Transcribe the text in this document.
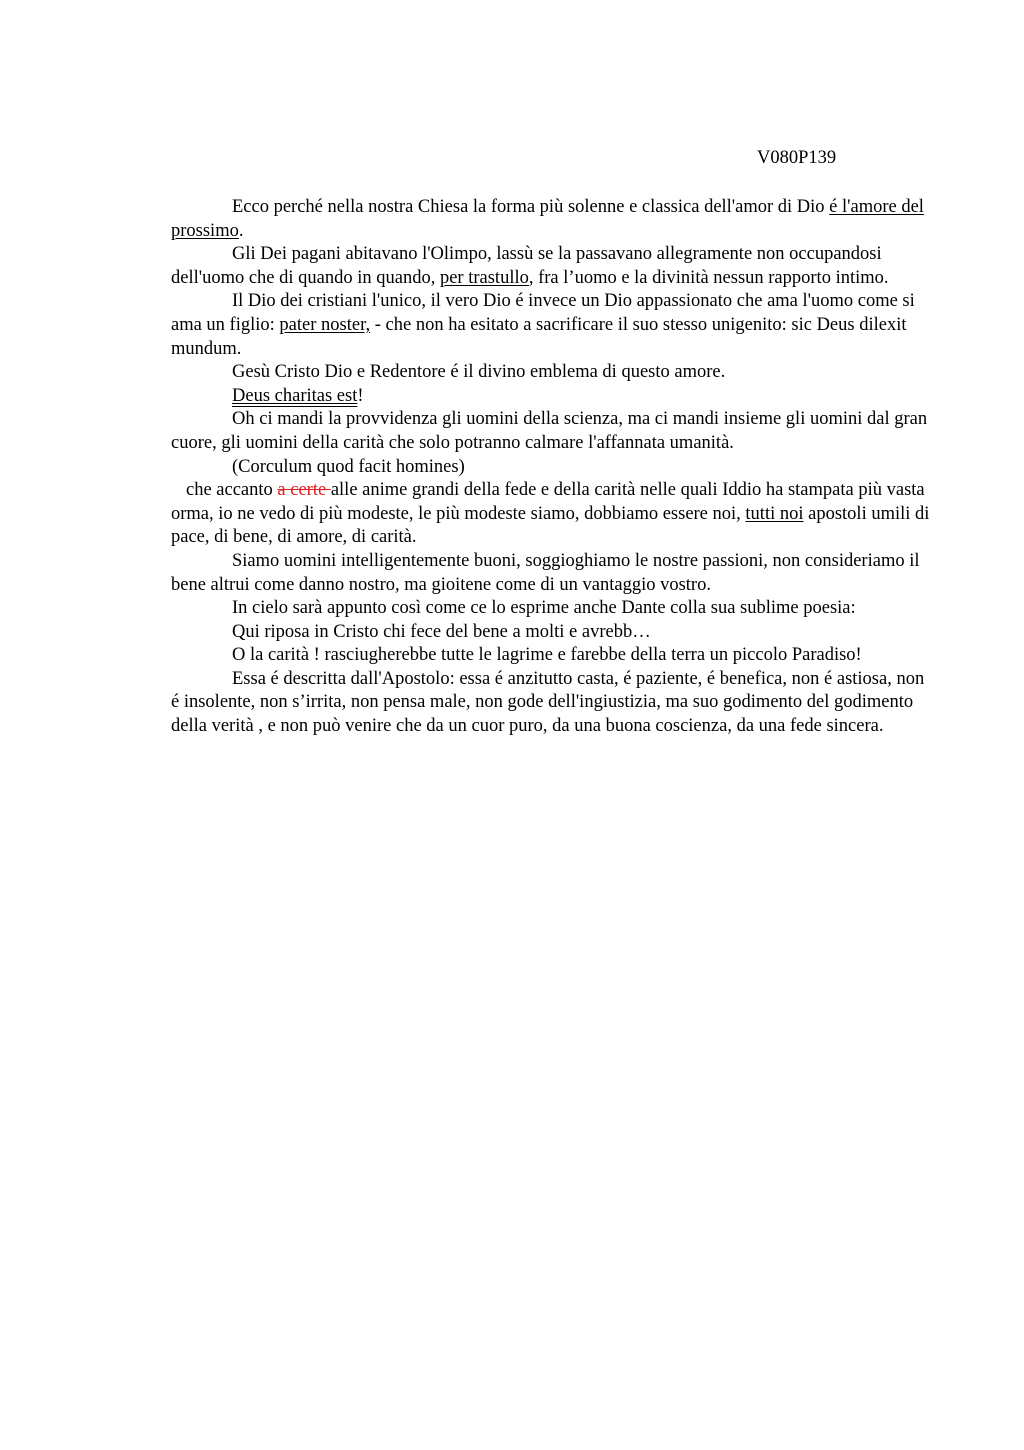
V080P139

Ecco perché nella nostra Chiesa la forma più solenne e classica dell'amor di Dio é l'amore del prossimo.

Gli Dei pagani abitavano l'Olimpo, lassù se la passavano allegramente non occupandosi dell'uomo che di quando in quando, per trastullo, fra l’uomo e la divinità nessun rapporto intimo.

Il Dio dei cristiani l'unico, il vero Dio é invece un Dio appassionato che ama l'uomo come si ama un figlio: pater noster, - che non ha esitato a sacrificare il suo stesso unigenito: sic Deus dilexit mundum.

Gesù Cristo Dio e Redentore é il divino emblema di questo amore.

Deus charitas est!

Oh ci mandi la provvidenza gli uomini della scienza, ma ci mandi insieme gli uomini dal gran cuore, gli uomini della carità che solo potranno calmare l'affannata umanità.

(Corculum quod facit homines)

che accanto a certe alle anime grandi della fede e della carità nelle quali Iddio ha stampata più vasta orma, io ne vedo di più modeste, le più modeste siamo, dobbiamo essere noi, tutti noi apostoli umili di pace, di bene, di amore, di carità.

Siamo uomini intelligentemente buoni, soggioghiamo le nostre passioni, non consideriamo il bene altrui come danno nostro, ma gioitene come di un vantaggio vostro.

In cielo sarà appunto così come ce lo esprime anche Dante colla sua sublime poesia:

Qui riposa in Cristo chi fece del bene a molti e avrebb…

O la carità ! rasciugherebbe tutte le lagrime e farebbe della terra un piccolo Paradiso!

Essa é descritta dall'Apostolo: essa é anzitutto casta, é paziente, é benefica, non é astiosa, non é insolente, non s’irrita, non pensa male, non gode dell'ingiustizia, ma suo godimento del godimento della verità , e non può venire che da un cuor puro, da una buona coscienza, da una fede sincera.
